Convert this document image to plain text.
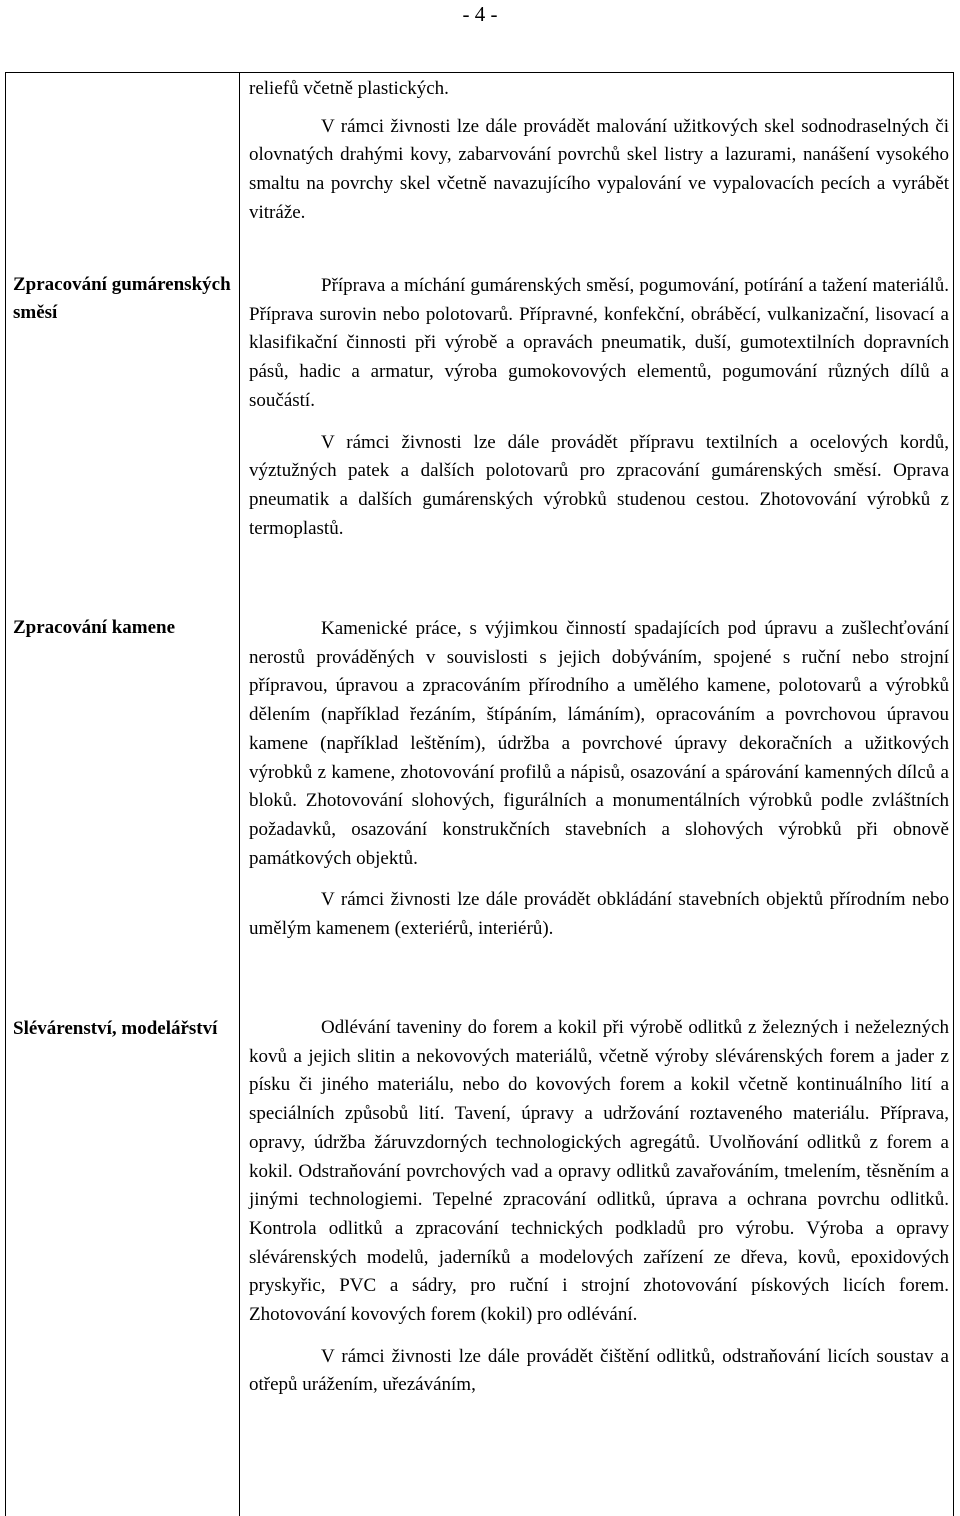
- 4 -

reliefů včetně plastických.

V rámci živnosti lze dále provádět malování užitkových skel sodnodraselných či olovnatých drahými kovy, zabarvování povrchů skel listry a lazurami, nanášení vysokého smaltu na povrchy skel včetně navazujícího vypalování ve vypalovacích pecích a vyrábět vitráže.

Zpracování gumárenských směsí

Příprava a míchání gumárenských směsí, pogumování, potírání a tažení materiálů. Příprava surovin nebo polotovarů. Přípravné, konfekční, obráběcí, vulkanizační, lisovací a klasifikační činnosti při výrobě a opravách pneumatik, duší, gumotextilních dopravních pásů, hadic a armatur, výroba gumokovových elementů, pogumování různých dílů a součástí.

V rámci živnosti lze dále provádět přípravu textilních a ocelových kordů, výztužných patek a dalších polotovarů pro zpracování gumárenských směsí. Oprava pneumatik a dalších gumárenských výrobků studenou cestou. Zhotovování výrobků z termoplastů.

Zpracování kamene	Kamenické práce, s výjimkou činností spadajících pod úpravu a zušlechťování nerostů prováděných v souvislosti s jejich dobýváním, spojené s ruční nebo strojní přípravou, úpravou a zpracováním přírodního a umělého kamene, polotovarů a výrobků dělením (například řezáním, štípáním, lámáním), opracováním a povrchovou úpravou kamene (například leštěním), údržba a povrchové úpravy dekoračních a užitkových výrobků z kamene, zhotovování profilů a nápisů, osazování a spárování kamenných dílců a bloků. Zhotovování slohových, figurálních a monumentálních výrobků podle zvláštních požadavků, osazování konstrukčních stavebních a slohových výrobků při obnově památkových objektů.

V rámci živnosti lze dále provádět obkládání stavebních objektů přírodním nebo umělým kamenem (exteriérů, interiérů).

Slévárenství, modelářství	Odlévání taveniny do forem a kokil při výrobě odlitků z železných i neželezných kovů a jejich slitin a nekovových materiálů, včetně výroby slévárenských forem a jader z písku či jiného materiálu, nebo do kovových forem a kokil včetně kontinuálního lití a speciálních způsobů lití. Tavení, úpravy a udržování roztaveného materiálu. Příprava, opravy, údržba žáruvzdorných technologických agregátů. Uvolňování odlitků z forem a kokil. Odstraňování povrchových vad a opravy odlitků zavařováním, tmelením, těsněním a jinými technologiemi. Tepelné zpracování odlitků, úprava a ochrana povrchu odlitků. Kontrola odlitků a zpracování technických podkladů pro výrobu. Výroba a opravy slévárenských modelů, jaderníků a modelových zařízení ze dřeva, kovů, epoxidových pryskyřic, PVC a sádry, pro ruční i strojní zhotovování pískových licích forem. Zhotovování kovových forem (kokil) pro odlévání.

V rámci živnosti lze dále provádět čištění odlitků, odstraňování licích soustav a otřepů urážením, uřezáváním,
